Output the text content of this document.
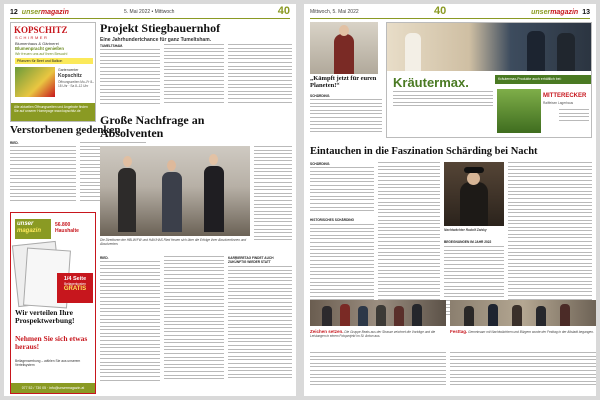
12 unsermagazin	5. Mai 2022 • Mittwoch	40
KOPSCHITZ
SCHIRMER
Blumenhaus & Gärtnerei
Blumenpracht genießen
Wir freuen uns auf Ihren Besuch!
Pflanzen für Beet und Balkon
Gartencenter
Kopschitz
Öffnungszeiten Mo–Fr 8–18 Uhr · Sa 8–12 Uhr
Alle aktuellen Öffnungszeiten und Angebote finden Sie auf unserer Homepage www.kopschitz.de
Verstorbenen gedenken
RIED.
Projekt Stiegbauernhof
Eine Jahrhundertchance für ganz Tumeltsham.
TUMELTSHAM.
Große Nachfrage an
Absolventen
Die Direktoren der HBLW/FW und HAK/HAS Ried freuen sich über die Erfolge ihrer Absolventinnen und Absolventen.
RIED.	KARRIERETAG FINDET AUCH ZUKÜNFTIG WIEDER STATT
unser
magazin
56.800 Haushalte
Wir verteilen Ihre Prospektwerbung!
1/4 Seite
Beilagenkosten
GRATIS
Nehmen Sie sich etwas heraus!
Beilagenwerbung – wählen Sie aus unserem Verteilsystem
077 52 / 730 05 · info@unsermagazin.at
Mittwoch, 5. Mai 2022	40	unsermagazin 13
„Kämpft jetzt für euren Planeten!“
SCHÄRDING.
Kräutermax.	Kräutermax-Produkte auch erhältlich bei:
MITTERECKER
Raiffeisen Lagerhaus
Eintauchen in die Faszination Schärding bei Nacht
SCHÄRDING.
HISTORISCHES SCHÄRDING
Nachtwächter Rudolf Zaisky
BEGEGNUNGEN IM JAHR 2022
Zeichen setzen. Die Gruppe Beats aus der Strasse zeichnet die Vorträge und die Leistungen in einem Fotoprojekt im St. Anton aus.
Festtag. Gemeinsam mit Nachtwächtern und Bürgern wurde der Festtag in der Altstadt begangen.
